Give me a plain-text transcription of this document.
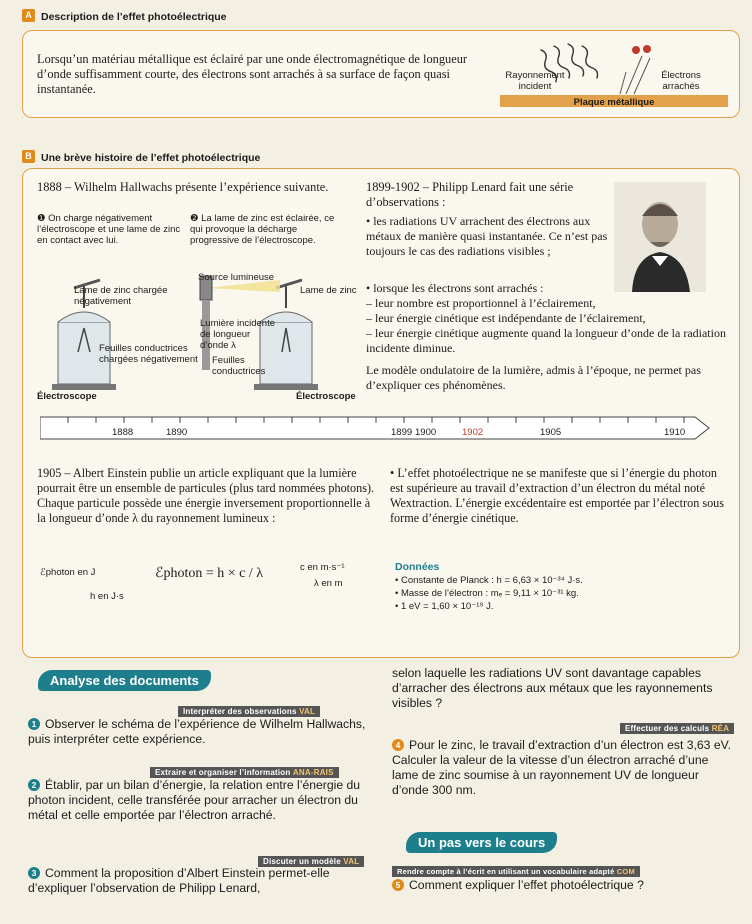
A Description de l’effet photoélectrique
Lorsqu’un matériau métallique est éclairé par une onde électromagnétique de longueur d’onde suffisamment courte, des électrons sont arrachés à sa surface de façon quasi instantanée.
Rayonnement incident
Électrons arrachés
Plaque métallique
B Une brève histoire de l’effet photoélectrique
1888 – Wilhelm Hallwachs présente l’expérience suivante.
❶ On charge négativement l’électroscope et une lame de zinc en contact avec lui.
❷ La lame de zinc est éclairée, ce qui provoque la décharge progressive de l’électroscope.
Source lumineuse
Lame de zinc chargée négativement
Lame de zinc
Lumière incidente de longueur d’onde λ
Feuilles conductrices chargées négativement Feuilles conductrices
Électroscope	Électroscope
1899-1902 – Philipp Lenard fait une série d’observations :
• les radiations UV arrachent des électrons aux métaux de manière quasi instantanée. Ce n’est pas toujours le cas des radiations visibles ;
• lorsque les électrons sont arrachés :
– leur nombre est proportionnel à l’éclairement,
– leur énergie cinétique est indépendante de l’éclairement,
– leur énergie cinétique augmente quand la longueur d’onde de la radiation incidente diminue.
Le modèle ondulatoire de la lumière, admis à l’époque, ne permet pas d’expliquer ces phénomènes.
1888	1890	1899 1900	1902	1905	1910
1905 – Albert Einstein publie un article expliquant que la lumière pourrait être un ensemble de particules (plus tard nommées photons). Chaque particule possède une énergie inversement proportionnelle à la longueur d’onde λ du rayonnement lumineux :
ℰphoton en J
h en J·s
ℰphoton = h × c / λ	c en m·s⁻¹
λ en m
• L’effet photoélectrique ne se manifeste que si l’énergie du photon est supérieure au travail d’extraction d’un électron du métal noté Wextraction. L’énergie excédentaire est emportée par l’électron sous forme d’énergie cinétique.
Données
• Constante de Planck : h = 6,63 × 10⁻³⁴ J·s.
• Masse de l’électron : mₑ = 9,11 × 10⁻³¹ kg.
• 1 eV = 1,60 × 10⁻¹⁹ J.
Analyse des documents
Interpréter des observations VAL
1 Observer le schéma de l’expérience de Wilhelm Hallwachs, puis interpréter cette expérience.
Extraire et organiser l’information ANA-RAIS
2 Établir, par un bilan d’énergie, la relation entre l’énergie du photon incident, celle transférée pour arracher un électron du métal et celle emportée par l’électron arraché.
Discuter un modèle VAL
3 Comment la proposition d’Albert Einstein permet-elle d’expliquer l’observation de Philipp Lenard,
selon laquelle les radiations UV sont davantage capables d’arracher des électrons aux métaux que les rayonnements visibles ?
Effectuer des calculs RÉA
4 Pour le zinc, le travail d’extraction d’un électron est 3,63 eV. Calculer la valeur de la vitesse d’un électron arraché d’une lame de zinc soumise à un rayonnement UV de longueur d’onde 300 nm.
Un pas vers le cours
Rendre compte à l’écrit en utilisant un vocabulaire adapté COM
5 Comment expliquer l’effet photoélectrique ?
